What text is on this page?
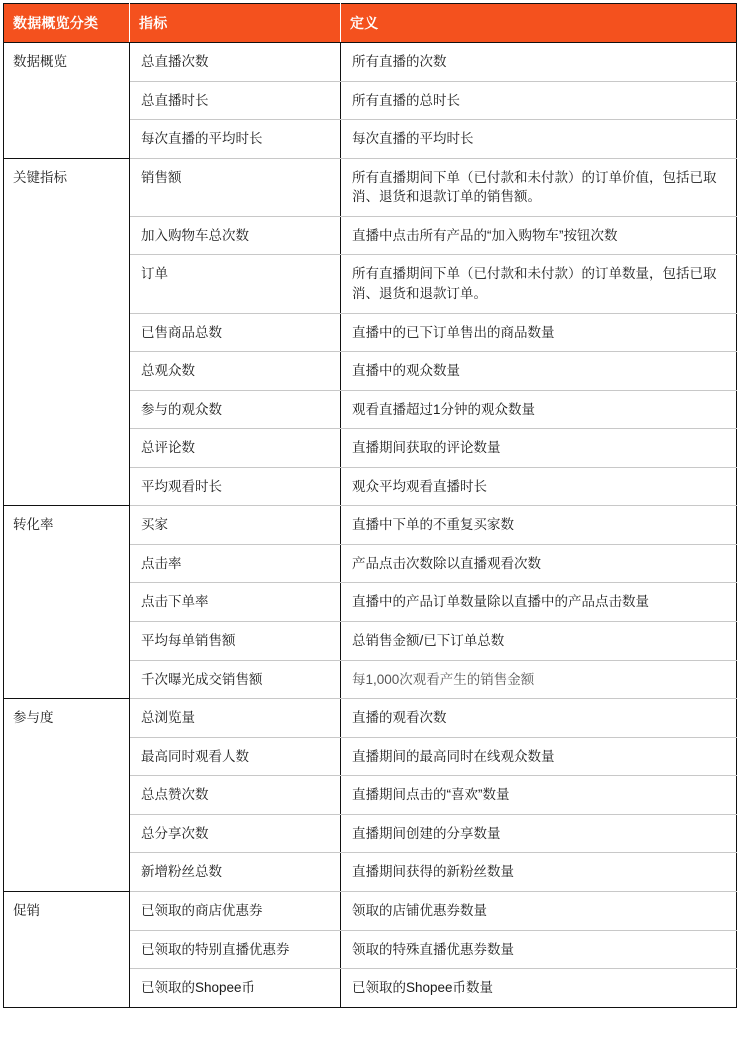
数据概览分类	指标	定义
数据概览	总直播次数	所有直播的次数
	总直播时长	所有直播的总时长
	每次直播的平均时长	每次直播的平均时长
关键指标	销售额	所有直播期间下单（已付款和未付款）的订单价值，包括已取消、退货和退款订单的销售额。
	加入购物车总次数	直播中点击所有产品的“加入购物车”按钮次数
	订单	所有直播期间下单（已付款和未付款）的订单数量，包括已取消、退货和退款订单。
	已售商品总数	直播中的已下订单售出的商品数量
	总观众数	直播中的观众数量
	参与的观众数	观看直播超过1分钟的观众数量
	总评论数	直播期间获取的评论数量
	平均观看时长	观众平均观看直播时长
转化率	买家	直播中下单的不重复买家数
	点击率	产品点击次数除以直播观看次数
	点击下单率	直播中的产品订单数量除以直播中的产品点击数量
	平均每单销售额	总销售金额/已下订单总数
	千次曝光成交销售额	每1,000次观看产生的销售金额
参与度	总浏览量	直播的观看次数
	最高同时观看人数	直播期间的最高同时在线观众数量
	总点赞次数	直播期间点击的“喜欢”数量
	总分享次数	直播期间创建的分享数量
	新增粉丝总数	直播期间获得的新粉丝数量
促销	已领取的商店优惠券	领取的店铺优惠券数量
	已领取的特别直播优惠券	领取的特殊直播优惠券数量
	已领取的Shopee币	已领取的Shopee币数量
